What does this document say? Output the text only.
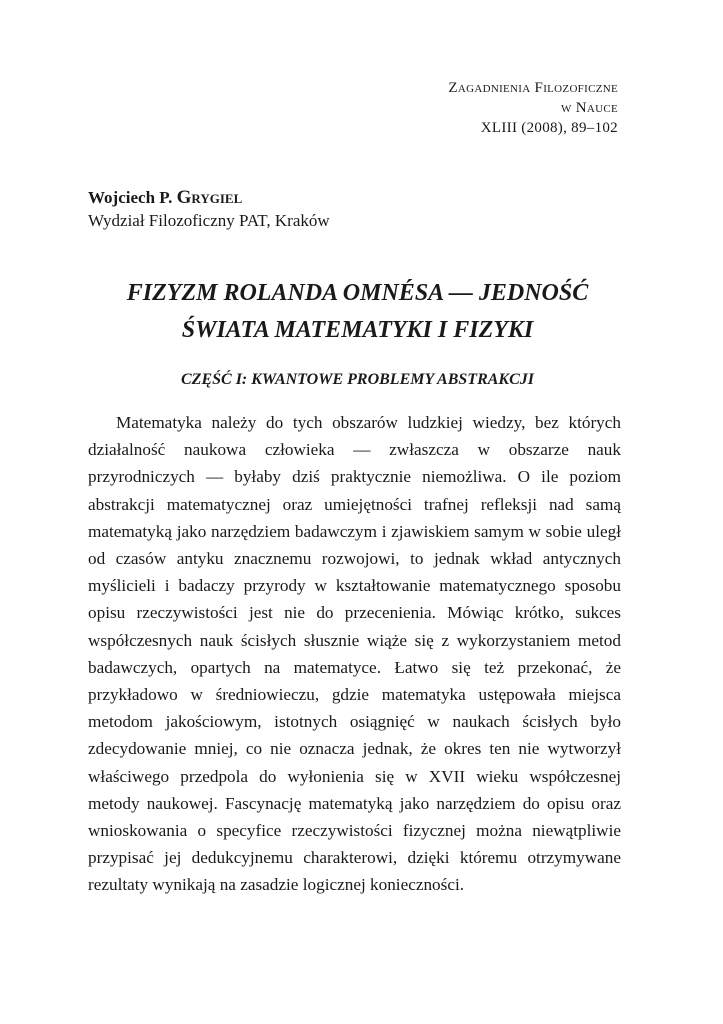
Zagadnienia Filozoficzne
w Nauce
XLIII (2008), 89–102
Wojciech P. Grygiel
Wydział Filozoficzny PAT, Kraków
FIZYZM ROLANDA OMNÉSA — JEDNOŚĆ
ŚWIATA MATEMATYKI I FIZYKI
CZĘŚĆ I: KWANTOWE PROBLEMY ABSTRAKCJI

Matematyka należy do tych obszarów ludzkiej wiedzy, bez których działalność naukowa człowieka — zwłaszcza w obszarze nauk przyrodniczych — byłaby dziś praktycznie niemożliwa. O ile poziom abstrakcji matematycznej oraz umiejętności trafnej refleksji nad samą matematyką jako narzędziem badawczym i zjawiskiem samym w sobie uległ od czasów antyku znacznemu rozwojowi, to jednak wkład antycznych myślicieli i badaczy przyrody w kształtowanie matematycznego sposobu opisu rzeczywistości jest nie do przecenienia. Mówiąc krótko, sukces współczesnych nauk ścisłych słusznie wiąże się z wykorzystaniem metod badawczych, opartych na matematyce. Łatwo się też przekonać, że przykładowo w średniowieczu, gdzie matematyka ustępowała miejsca metodom jakościowym, istotnych osiągnięć w naukach ścisłych było zdecydowanie mniej, co nie oznacza jednak, że okres ten nie wytworzył właściwego przedpola do wyłonienia się w XVII wieku współczesnej metody naukowej. Fascynację matematyką jako narzędziem do opisu oraz wnioskowania o specyfice rzeczywistości fizycznej można niewątpliwie przypisać jej dedukcyjnemu charakterowi, dzięki któremu otrzymywane rezultaty wynikają na zasadzie logicznej konieczności.
